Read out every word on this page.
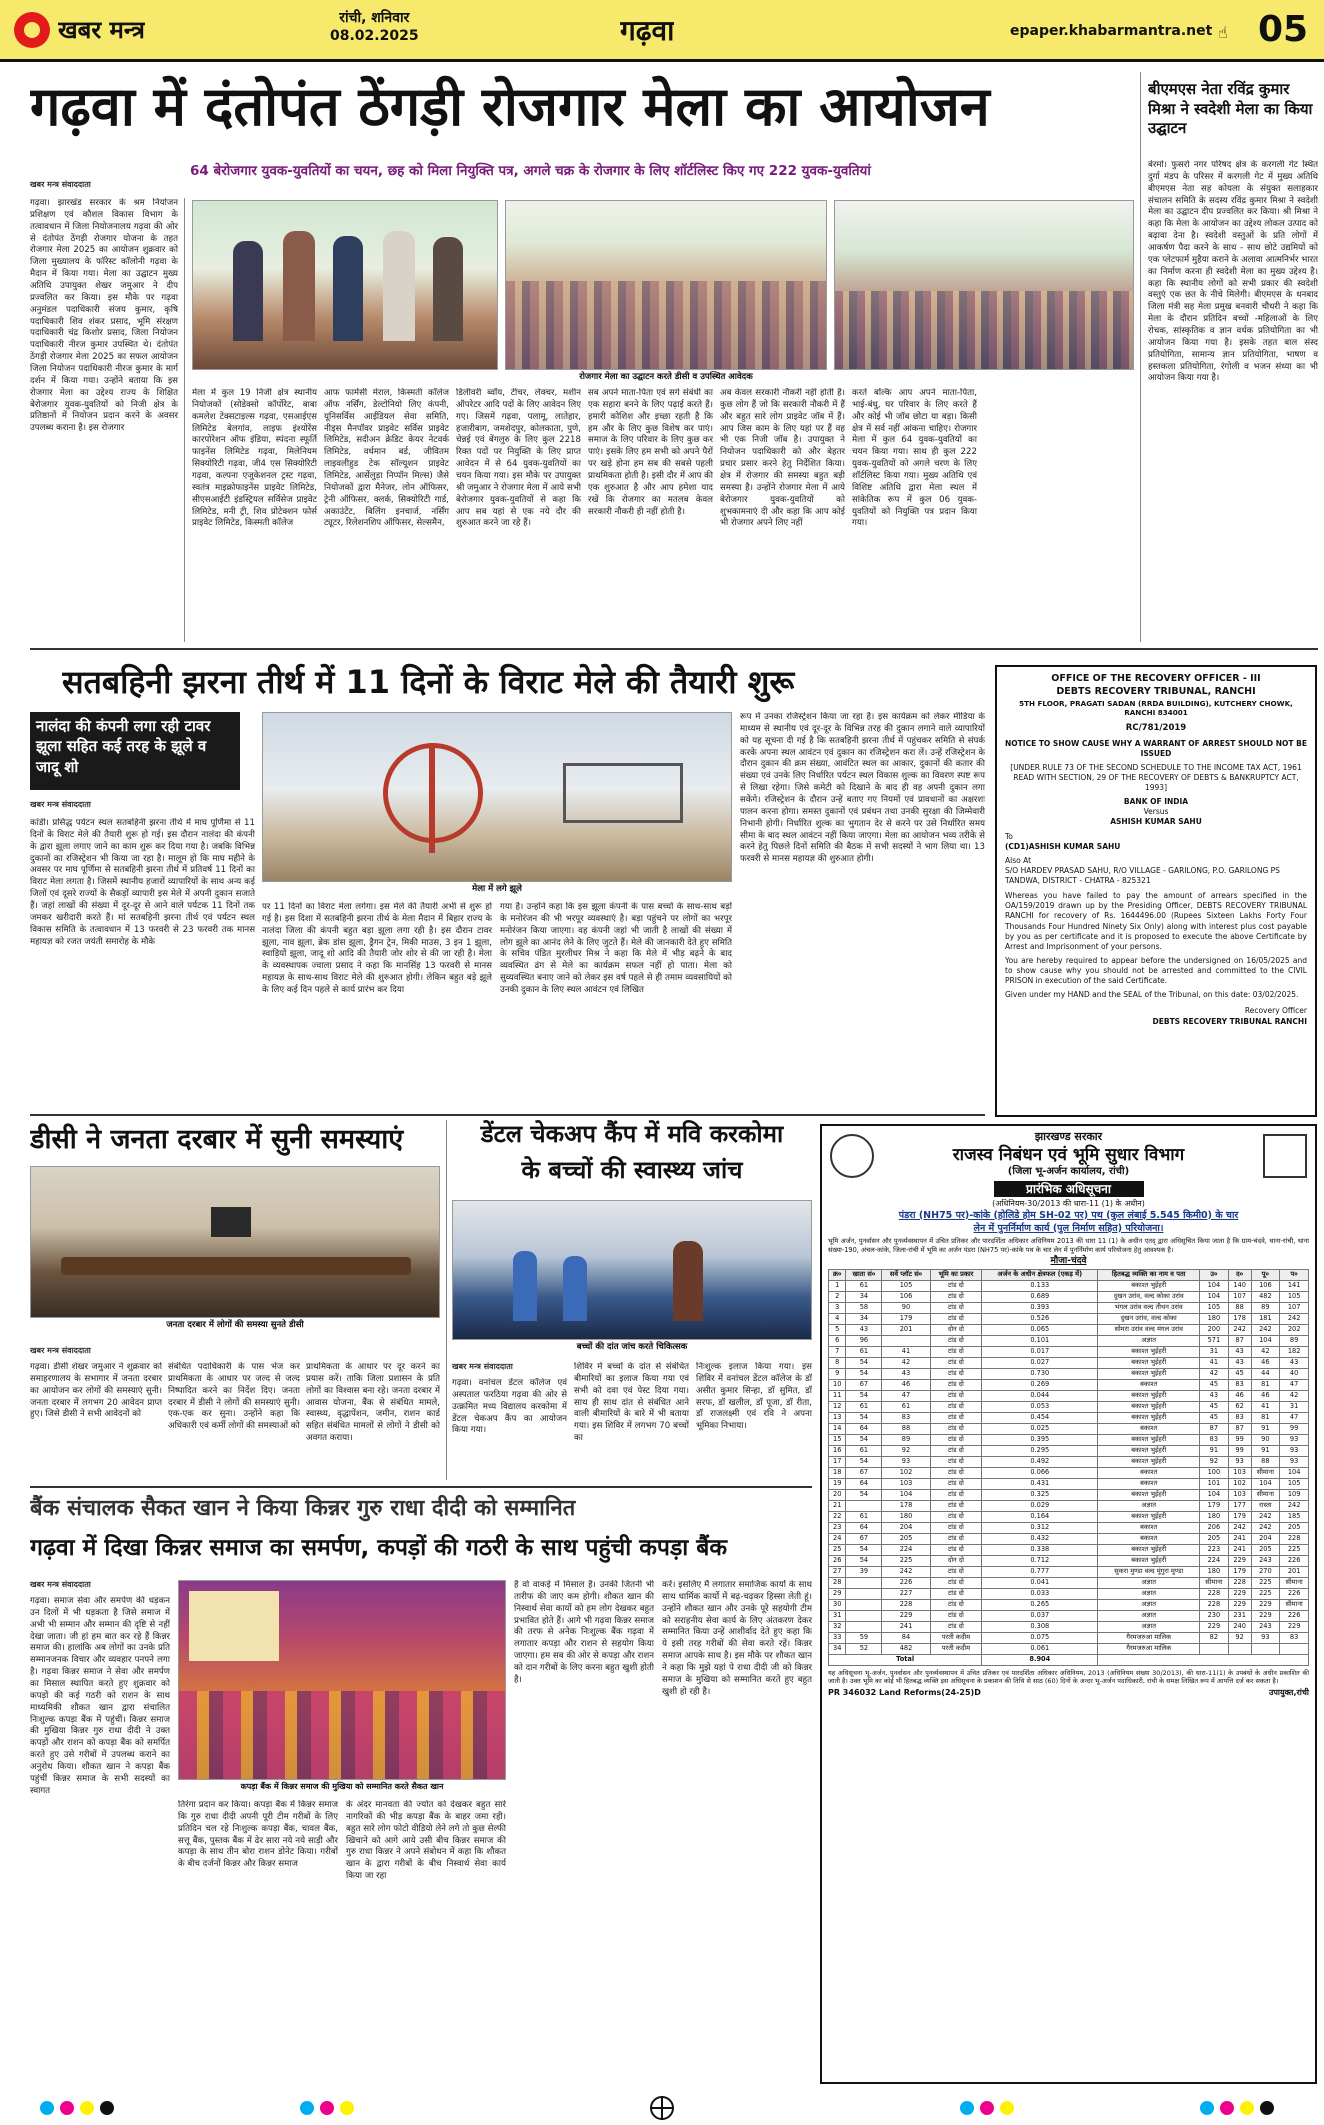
खबर मन्त्र	रांची, शनिवार
08.02.2025	गढ़वा	epaper.khabarmantra.net ☝ 05
गढ़वा में दंतोपंत ठेंगड़ी रोजगार मेला का आयोजन
64 बेरोजगार युवक-युवतियों का चयन, छह को मिला नियुक्ति पत्र, अगले चक्र के रोजगार के लिए शॉर्टलिस्ट किए गए 222 युवक-युवतियां
खबर मन्त्र संवाददाता
गढ़वा। झारखंड सरकार के श्रम नियोजन प्रशिक्षण एवं कौशल विकास विभाग के तत्वावधान में जिला नियोजनालय गढ़वा की ओर से दंतोपंत ठेंगड़ी रोजगार योजना के तहत रोजगार मेला 2025 का आयोजन शुक्रवार को जिला मुख्यालय के फॉरेस्ट कॉलोनी गढ़वा के मैदान में किया गया। मेला का उद्घाटन मुख्य अतिथि उपायुक्त शेखर जमुआर ने दीप प्रज्वलित कर किया। इस मौके पर गढ़वा अनुमंडल पदाधिकारी संजय कुमार, कृषि पदाधिकारी शिव शंकर प्रसाद, भूमि संरक्षण पदाधिकारी चंद्र किशोर प्रसाद, जिला नियोजन पदाधिकारी नीरज कुमार उपस्थित थे। दंतोपंत ठेंगड़ी रोजगार मेला 2025 का सफल आयोजन जिला नियोजन पदाधिकारी नीरज कुमार के मार्ग दर्शन में किया गया। उन्होंने बताया कि इस रोजगार मेला का उद्देश्य राज्य के शिक्षित बेरोजगार युवक-युवतियों को निजी क्षेत्र के प्रतिष्ठानों में नियोजन प्रदान करने के अवसर उपलब्ध कराना है। इस रोजगार
रोजगार मेला का उद्घाटन करते डीसी व उपस्थित आवेदक
मेला में कुल 19 निजी क्षेत्र स्थानीय नियोजकों (सोडेक्सो कॉर्पोरेट, बाबा कमलेश टेक्सटाइल्स गढ़वा, एसआईएस लिमिटेड बेलगांव, लाइफ इंश्योरेंस कारपोरेशन ऑफ इंडिया, स्पंदना स्फूर्ति फाइनेंस लिमिटेड गढ़वा, मिलेनियम सिक्योरिटी गढ़वा, जी4 एस सिक्योरिटी गढ़वा, कल्पना एजुकेशनल ट्रस्ट गढ़वा, स्वतंत्र माइक्रोफाइनेंस प्राइवेट लिमिटेड, सीएसआईटी इंडस्ट्रियल सर्विसेज प्राइवेट लिमिटेड, मनी ट्री, शिव प्रोटेक्शन फोर्स प्राइवेट लिमिटेड, किस्मती कॉलेज
आफ फार्मेसी मेराल, किस्मती कॉलेज ऑफ नर्सिंग, डेल्टोनियो लिए कंपनी, यूनिसर्विस आईडियल सेवा समिति, नीड्स मैनपॉवर प्राइवेट सर्विस प्राइवेट लिमिटेड, सदीअन क्रेडिट केयर नेटवर्क लिमिटेड, वर्धमान बर्ड, जीवितम लाइवलीहुड टेक सॉल्यूशन प्राइवेट लिमिटेड, आर्सेलुड़ा निप्पॉन मिल्स) जैसे नियोजकों द्वारा मैनेजर, लोन ऑफिसर, ट्रेनी ऑफिसर, क्लर्क, सिक्योरिटी गार्ड, अकाउंटेंट, बिलिंग इनचार्ज, नर्सिंग ट्यूटर, रिलेशनशिप ऑफिसर, सेल्समैन,
डिलीवरी ब्वॉय, टीचर, लेक्चर, मशीन ऑपरेटर आदि पदों के लिए आवेदन लिए गए। जिसमें गढ़वा, पलामू, लातेहार, हजारीबाग, जमशेदपुर, कोलकाता, पुणे, चेन्नई एवं बेंगलुरु के लिए कुल 2218 रिक्त पदों पर नियुक्ति के लिए प्राप्त आवेदन में से 64 युवक-युवतियों का चयन किया गया। इस मौके पर उपायुक्त श्री जमुआर ने रोजगार मेला में आये सभी बेरोजगार युवक-युवतियों से कहा कि आप सब यहां से एक नये दौर की शुरुआत करने जा रहे हैं।
सब अपने माता-पिता एवं सगे संबंधी का एक सहारा बनने के लिए पढ़ाई करते हैं। हमारी कोशिश और इच्छा रहती है कि हम और के लिए कुछ विशेष कर पाएं। समाज के लिए परिवार के लिए कुछ कर पाएं। इसके लिए हम सभी को अपने पैरों पर खड़े होना हम सब की सबसे पहली प्राथमिकता होती है। इसी दौर में आप की एक शुरुआत है और आप हमेशा याद रखें कि रोजगार का मतलब केवल सरकारी नौकरी ही नहीं होती है।
अब केवल सरकारी नौकरी नहीं होती है। कुछ लोग हैं जो कि सरकारी नौकरी में हैं और बहुत सारे लोग प्राइवेट जॉब में हैं। आप जिस काम के लिए यहां पर हैं वह भी एक निजी जॉब है। उपायुक्त ने नियोजन पदाधिकारी को और बेहतर प्रचार प्रसार करने हेतु निर्देशित किया। क्षेत्र में रोजगार की समस्या बहुत बड़ी समस्या है। उन्होंने रोजगार मेला में आये बेरोजगार युवक-युवतियों को शुभकामनाएं दी और कहा कि आप कोई भी रोजगार अपने लिए नहीं
करते बल्कि आप अपने माता-पिता, भाई-बंधु, घर परिवार के लिए करते हैं और कोई भी जॉब छोटा या बड़ा। किसी क्षेत्र में सर्व नहीं आंकना चाहिए। रोजगार मेला में कुल 64 युवक-युवतियों का चयन किया गया। साथ ही कुल 222 युवक-युवतियों को अगले चरण के लिए शॉर्टलिस्ट किया गया। मुख्य अतिथि एवं विशिष्ट अतिथि द्वारा मेला स्थल में सांकेतिक रूप में कुल 06 युवक-युवतियों को नियुक्ति पत्र प्रदान किया गया।
बीएमएस नेता रविंद्र कुमार मिश्रा ने स्वदेशी मेला का किया उद्घाटन
बेरमो। फुसरो नगर परिषद क्षेत्र के करगली गेट स्थित दुर्गा मंडप के परिसर में करगली गेट में मुख्य अतिथि बीएमएस नेता सह कोयला के संयुक्त सलाहकार संचालन समिति के सदस्य रविंद्र कुमार मिश्रा ने स्वदेशी मेला का उद्घाटन दीप प्रज्वलित कर किया। श्री मिश्रा ने कहा कि मेला के आयोजन का उद्देश्य लोकल उत्पाद को बढ़ावा देना है। स्वदेशी वस्तुओं के प्रति लोगों में आकर्षण पैदा करने के साथ - साथ छोटे उद्यमियों को एक प्लेटफार्म मुहैया कराने के अलावा आत्मनिर्भर भारत का निर्माण करना ही स्वदेशी मेला का मुख्य उद्देश्य है। कहा कि स्थानीय लोगों को सभी प्रकार की स्वदेशी वस्तुएं एक छत के नीचे मिलेगी। बीएमएस के धनबाद जिला मंत्री सह मेला प्रमुख बनवारी चौधरी ने कहा कि मेला के दौरान प्रतिदिन बच्चों -महिलाओं के लिए रोचक, सांस्कृतिक व ज्ञान वर्धक प्रतियोगिता का भी आयोजन किया गया है। इसके तहत बाल संस्द प्रतियोगिता, सामान्य ज्ञान प्रतियोगिता, भाषण व हस्तकला प्रतियोगिता, रंगोली व भजन संध्या का भी आयोजन किया गया है।
सतबहिनी झरना तीर्थ में 11 दिनों के विराट मेले की तैयारी शुरू
नालंदा की कंपनी लगा रही टावर झूला सहित कई तरह के झूले व जादू शो
खबर मन्त्र संवाददाता
कांडी। प्रसिद्ध पर्यटन स्थल सतबहिनी झरना तीर्थ में माघ पूर्णिमा से 11 दिनों के विराट मेले की तैयारी शुरू हो गई। इस दौरान नालंदा की कंपनी के द्वारा झूला लगाए जाने का काम शुरू कर दिया गया है। जबकि विभिन्न दुकानों का रजिस्ट्रेशन भी किया जा रहा है। मालूम हो कि माघ महीने के अवसर पर माघ पूर्णिमा से सतबहिनी झरना तीर्थ में प्रतिवर्ष 11 दिनों का विराट मेला लगता है। जिसमें स्थानीय हजारों व्यापारियों के साथ अन्य कई जिलों एवं दूसरे राज्यों के सैकड़ों व्यापारी इस मेले में अपनी दुकान सजाते हैं। जहां लाखों की संख्या में दूर-दूर से आने वाले पर्यटक 11 दिनों तक जमकर खरीदारी करते हैं। मां सतबहिनी झरना तीर्थ एवं पर्यटन स्थल विकास समिति के तत्वावधान में 13 फरवरी से 23 फरवरी तक मानस महायज्ञ को रजत जयंती समारोह के मौके
मेला में लगे झूले
पर 11 दिनों का विराट मेला लगेगा। इस मेले की तैयारी अभी से शुरू हो गई है। इस दिशा में सतबहिनी झरना तीर्थ के मेला मैदान में बिहार राज्य के नालंदा जिला की कंपनी बहुत बड़ा झूला लगा रही है। इस दौरान टावर झूला, नाव झूला, ब्रेक डांस झूला, ड्रैगन ट्रेन, मिकी माउस, 3 इन 1 झूला, स्वाड़ियों झूला, जादू शो आदि की तैयारी जोर शोर से की जा रही है। मेला के व्यवस्थापक ज्वाला प्रसाद ने कहा कि मानसिंह 13 फरवरी से मानस महायज्ञ के साथ-साथ विराट मेले की शुरुआत होगी। लेकिन बहुत बड़े झूले के लिए कई दिन पहले से कार्य प्रारंभ कर दिया
गया है। उन्होंने कहा कि इस झूला कंपनी के पास बच्चों के साथ-साथ बड़ों के मनोरंजन की भी भरपूर व्यवस्थाएं है। बड़ा पहुंचने पर लोगों का भरपूर मनोरंजन किया जाएगा। वह कंपनी जहां भी जाती है लाखों की संख्या में लोग झूले का आनंद लेने के लिए जुटते हैं। मेले की जानकारी देते हुए समिति के सचिव पंडित मुरलीधर मिश्र ने कहा कि मेले में भीड़ बढ़ने के बाद व्यवस्थित ढंग से मेले का कार्यक्रम सफल नहीं हो पाता। मेला को सुव्यवस्थित बनाए जाने को लेकर इस वर्ष पहले से ही तमाम व्यवसायियों को उनकी दुकान के लिए स्थल आवंटन एवं लिखित
रूप में उनका रजिस्ट्रेशन किया जा रहा है। इस कार्यक्रम को लेकर मीडिया के माध्यम से स्थानीय एवं दूर-दूर के विभिन्न तरह की दुकान लगाने वाले व्यापारियों को यह सूचना दी गई है कि सतबहिनी झरना तीर्थ में पहुंचकर समिति से संपर्क करके अपना स्थल आवंटन एवं दुकान का रजिस्ट्रेशन करा लें। उन्हें रजिस्ट्रेशन के दौरान दुकान की क्रम संख्या, आवंटित स्थल का आकार, दुकानों की कतार की संख्या एवं उनके लिए निर्धारित पर्यटन स्थल विकास शुल्क का विवरण स्पष्ट रूप से लिखा रहेगा। जिसे कमेटी को दिखाने के बाद ही वह अपनी दुकान लगा सकेंगे। रजिस्ट्रेशन के दौरान उन्हें बताए गए नियमों एवं प्रावधानों का अक्षरशः पालन करना होगा। समस्त दुकानों एवं प्रबंधन तथा उनकी सुरक्षा की जिम्मेवारी निभानी होगी। निर्धारित शुल्क का भुगतान देर से करने पर उसे निर्धारित समय सीमा के बाद स्थल आवंटन नहीं किया जाएगा। मेला का आयोजन भव्य तरीके से करने हेतु पिछले दिनों समिति की बैठक में सभी सदस्यों ने भाग लिया था। 13 फरवरी से मानस महायज्ञ की शुरुआत होगी।
OFFICE OF THE RECOVERY OFFICER - III
DEBTS RECOVERY TRIBUNAL, RANCHI
5TH FLOOR, PRAGATI SADAN (RRDA BUILDING), KUTCHERY CHOWK, RANCHI 834001
RC/781/2019
NOTICE TO SHOW CAUSE WHY A WARRANT OF ARREST SHOULD NOT BE ISSUED
[UNDER RULE 73 OF THE SECOND SCHEDULE TO THE INCOME TAX ACT, 1961 READ WITH SECTION, 29 OF THE RECOVERY OF DEBTS & BANKRUPTCY ACT, 1993]
BANK OF INDIA
Versus
ASHISH KUMAR SAHU
To
(CD1)ASHISH KUMAR SAHU
Also At
S/O HARDEV PRASAD SAHU, R/O VILLAGE - GARILONG, P.O. GARILONG PS TANDWA, DISTRICT - CHATRA - 825321
Whereas you have failed to pay the amount of arrears specified in the OA/159/2019 drawn up by the Presiding Officer, DEBTS RECOVERY TRIBUNAL RANCHI for recovery of Rs. 1644496.00 (Rupees Sixteen Lakhs Forty Four Thousands Four Hundred Ninety Six Only) along with interest plus cost payable by you as per certificate and it is proposed to execute the above Certificate by Arrest and Imprisonment of your persons.
You are hereby required to appear before the undersigned on 16/05/2025 and to show cause why you should not be arrested and committed to the CIVIL PRISON in execution of the said Certificate.
Given under my HAND and the SEAL of the Tribunal, on this date: 03/02/2025.
Recovery Officer
DEBTS RECOVERY TRIBUNAL RANCHI
डीसी ने जनता दरबार में सुनी समस्याएं
जनता दरबार में लोगों की समस्या सुनते डीसी
खबर मन्त्र संवाददाता
गढ़वा। डीसी शेखर जमुआर ने शुक्रवार को समाहरणालय के सभागार में जनता दरबार का आयोजन कर लोगों की समस्याएं सुनी। जनता दरबार में लगभग 20 आवेदन प्राप्त हुए। जिसे डीसी ने सभी आवेदनों को
संबंधित पदाधिकारी के पास भेज कर प्राथमिकता के आधार पर जल्द से जल्द निष्पादित करने का निर्देश दिए। जनता दरबार में डीसी ने लोगों की समस्याएं सुनी। एक-एक कर सुना। उन्होंने कहा कि अधिकारी एवं कर्मी लोगों की समस्याओं को
प्राथमिकता के आधार पर दूर करने का प्रयास करें। ताकि जिला प्रशासन के प्रति लोगों का विश्वास बना रहे। जनता दरबार में आवास योजना, बैंक से संबंधित मामले, स्वास्थ्य, वृद्धापेंशन, जमीन, राशन कार्ड सहित संबंधित मामलों से लोगों ने डीसी को अवगत कराया।
डेंटल चेकअप कैंप में मवि करकोमा
के बच्चों की स्वास्थ्य जांच
बच्चों की दांत जांच करते चिकित्सक
खबर मन्त्र संवाददाता
गढ़वा। वनांचल डेंटल कॉलेज एवं अस्पताल फरठिया गढ़वा की ओर से उत्क्रमित मध्य विद्यालय करकोमा में डेंटल चेकअप कैंप का आयोजन किया गया।
शिविर में बच्चों के दांत से संबंधित बीमारियों का इलाज किया गया एवं सभी को दवा एवं पेस्ट दिया गया। साथ ही साथ दांत से संबंधित आने वाली बीमारियों के बारे में भी बताया गया। इस शिविर में लगभग 70 बच्चों का
निःशुल्क इलाज किया गया। इस शिविर में वनांचल डेंटल कॉलेज के डॉ असीत कुमार सिन्हा, डॉ सुमित, डॉ सरफ, डॉ खलील, डॉ पूजा, डॉ रीता, डॉ राजलक्ष्मी एवं रवि ने अपना भूमिका निभाया।
झारखण्ड सरकार
राजस्व निबंधन एवं भूमि सुधार विभाग
(जिला भू-अर्जन कार्यालय, रांची)
प्रारंभिक अधिसूचना
(अधिनियम-30/2013 की धारा-11 (1) के अधीन)
पंडरा (NH75 पर)-कांके (होलिडे होम SH-02 पर) पथ (कुल लंबाई 5.545 किमी0) के चार
लेन में पुनर्निर्माण कार्य (पुल निर्माण सहित) परियोजना।
भूमि अर्जन, पुनर्वासन और पुनर्व्यवस्थापन में उचित प्रतिकर और पारदर्शिता अधिकार अधिनियम 2013 की धारा 11 (1) के अधीन एतद् द्वारा अधिसूचित किया जाता है कि ग्राम-चंदवे, थाना-रांची, थाना संख्या-190, अंचल-कांके, जिला-रांची में भूमि का अर्जन पंडरा (NH75 पर)-कांके पथ के चार लेन में पुनर्निर्माण कार्य परियोजना हेतु आवश्यक है।
मौजा-चंदवे
क्र०	खाता सं०	सर्वे प्लॉट सं०	भूमि का प्रकार	अर्जन के अधीन क्षेत्रफल (एकड़ में)	हितबद्ध व्यक्ति का नाम व पता	उ०	द०	पू०	प०
1	61	105	टांड दो	0.133	बकाश्त भुईहरी	104	140	106	141
2	34	106	टांड दो	0.689	दुखन उरांव, वल्द कोका उरांव	104	107	482	105
3	58	90	टांड दो	0.393	भंगल उरांव वल्द तीथन उरांव	105	88	89	107
4	34	179	टांड दो	0.526	दुखन उरांव, वल्द कोका	180	178	181	242
5	43	201	दोन दो	0.065	सोमरा उरांव वल्द मंगल उरांव	200	242	242	202
6	96		टांड दो	0.101	अज्ञात	571	87	104	89
7	61	41	टांड दो	0.017	बकाश्त भुईहरी	31	43	42	182
8	54	42	टांड दो	0.027	बकाश्त भुईहरी	41	43	46	43
9	54	43	टांड दो	0.730	बकाश्त भुईहरी	42	45	44	40
10	67	46	टांड दो	0.269	बकाश्त	45	83	81	47
11	54	47	टांड दो	0.044	बकाश्त भुईहरी	43	46	46	42
12	61	61	टांड दो	0.053	बकाश्त भुईहरी	45	62	41	31
13	54	83	टांड दो	0.454	बकाश्त भुईहरी	45	83	81	47
14	64	88	टांड दो	0.025	बकाश्त	87	87	91	99
15	54	89	टांड दो	0.395	बकाश्त भुईहरी	83	99	90	93
16	61	92	टांड दो	0.295	बकाश्त भुईहरी	91	99	91	93
17	54	93	टांड दो	0.492	बकाश्त भुईहरी	92	93	88	93
18	67	102	टांड दो	0.066	बकाश्त	100	103	सीमाना	104
19	64	103	टांड दो	0.431	बकाश्त	101	102	104	105
20	54	104	टांड दो	0.325	बकाश्त भुईहरी	104	103	सीमाना	109
21		178	टांड दो	0.029	अज्ञात	179	177	रास्ता	242
22	61	180	टांड दो	0.164	बकाश्त भुईहरी	180	179	242	185
23	64	204	टांड दो	0.312	बकाश्त	206	242	242	205
24	67	205	टांड दो	0.432	बकाश्त	205	241	204	228
25	54	224	टांड दो	0.338	बकाश्त भुईहरी	223	241	205	225
26	54	225	दोन दो	0.712	बकाश्त भुईहरी	224	229	243	226
27	39	242	टांड दो	0.777	सुकरा मुण्डा वल्द मुंगुरा मुण्डा	180	179	270	201
28		226	टांड दो	0.041	अज्ञात	सीमाना	228	225	सीमाना
29		227	टांड दो	0.033	अज्ञात	228	229	225	226
30		228	टांड दो	0.265	अज्ञात	228	229	229	सीमाना
31		229	टांड दो	0.037	अज्ञात	230	231	229	226
32		241	टांड दो	0.308	अज्ञात	229	240	243	229
33	59	84	परती कदीम	0.075	गैरमजरुआ मालिक	82	92	93	83
34	52	482	परती कदीम	0.061	गैरमजरुआ मालिक				
Total				8.904					
यह अधिसूचना भू-अर्जन, पुनर्वासन और पुनर्व्यवस्थापन में उचित प्रतिकर एवं पारदर्शिता अधिकार अधिनियम, 2013 (अधिनियम संख्या 30/2013), की धारा-11(1) के उपबंधों के अधीन प्रकाशित की जाती है। उक्त भूमि का कोई भी हितबद्ध व्यक्ति इस अधिसूचना के प्रकाशन की तिथि से साठ (60) दिनों के अन्दर भू-अर्जन पदाधिकारी, रांची के समक्ष लिखित रूप में आपत्ति दर्ज कर सकता है।
PR 346032 Land Reforms(24-25)D	उपायुक्त,रांची
बैंक संचालक सैकत खान ने किया किन्नर गुरु राधा दीदी को सम्मानित
गढ़वा में दिखा किन्नर समाज का समर्पण, कपड़ों की गठरी के साथ पहुंची कपड़ा बैंक
खबर मन्त्र संवाददाता
गढ़वा। समाज सेवा और समर्पण की धड़कन उन दिलों में भी धड़कता है जिसे समाज में अभी भी सम्मान और सम्मान की दृष्टि से नहीं देखा जाता। जी हां हम बात कर रहे हैं किन्नर समाज की। हालांकि अब लोगों का उनके प्रति सम्मानजनक विचार और व्यवहार पनपने लगा है। गढ़वा किन्नर समाज ने सेवा और समर्पण का मिसाल स्थापित करते हुए शुक्रवार को कपड़ों की कई गठरी को राशन के साथ माध्यमिकी शौकत खान द्वारा संचालित निःशुल्क कपड़ा बैंक में पहुंचीं। किन्नर समाज की मुखिया किन्नर गुरु राधा दीदी ने उक्त कपड़ों और राशन को कपड़ा बैंक को समर्पित करते हुए उसे गरीबों में उपलब्ध कराने का अनुरोध किया। शौकत खान ने कपड़ा बैंक पहुंचीं किन्नर समाज के सभी सदस्यों का स्वागत	कपड़ा बैंक में किन्नर समाज की मुखिया को सम्मानित करते सैकत खान
तिरंगा प्रदान कर किया। कपड़ा बैंक में किन्नर समाज कि गुरु राधा दीदी अपनी पूरी टीम गरीबों के लिए प्रतिदिन चल रहे निःशुल्क कपड़ा बैंक, चावल बैंक, सत्तू बैंक, पुस्तक बैंक में ढेर सारा नये नये साड़ी और कपड़ा के साथ तीन बोरा राशन डोनेट किया। गरीबों के बीच दर्जनों किन्नर और किन्नर समाज
के अंदर मानवता की ज्योत को देखकर बहुत सारे नागरिकों की भीड़ कपड़ा बैंक के बाहर जमा रही। बहुत सारे लोग फोटो वीडियो लेने लगे तो कुछ सेल्फी खिचाने को आगे आये उसी बीच किन्नर समाज की गुरु राधा किन्नर ने अपने संबोधन में कहा कि शौकत खान के द्वारा गरीबों के बीच निस्वार्थ सेवा कार्य किया जा रहा
है वो वाकई में मिसाल है। उनकी जितनी भी तारीफ की जाए कम होगी। शौकत खान की निस्वार्थ सेवा कार्यो को हम लोग देखकर बहुत प्रभावित होते हैं। आगे भी गढ़वा किन्नर समाज की तरफ से अनेक निःशुल्क बैंक गढ़वा में लगातार कपड़ा और राशन से सहयोग किया जाएगा। हम सब की ओर से कपड़ा और राशन को दान गरीबों के लिए करना बहुत खुशी होती है।
करें। इसलिए मैं लगातार समाजिक कार्यो के साथ साथ धार्मिक कार्यो में बढ़-चढ़कर हिस्सा लेती हूं। उन्होंने शौकत खान और उनके पूरे सहयोगी टीम को सराहनीय सेवा कार्य के लिए अंतकरण देकर सम्मानित किया उन्हें आशीर्वाद देते हुए कहा कि ये इसी तरह गरीबों की सेवा करते रहें। किन्नर समाज आपके साथ है। इस मौके पर शौकत खान ने कहा कि मुझे यहां पे राधा दीदी जी को किन्नर समाज के मुखिया को सम्मानित करते हुए बहुत खुशी हो रही है।
